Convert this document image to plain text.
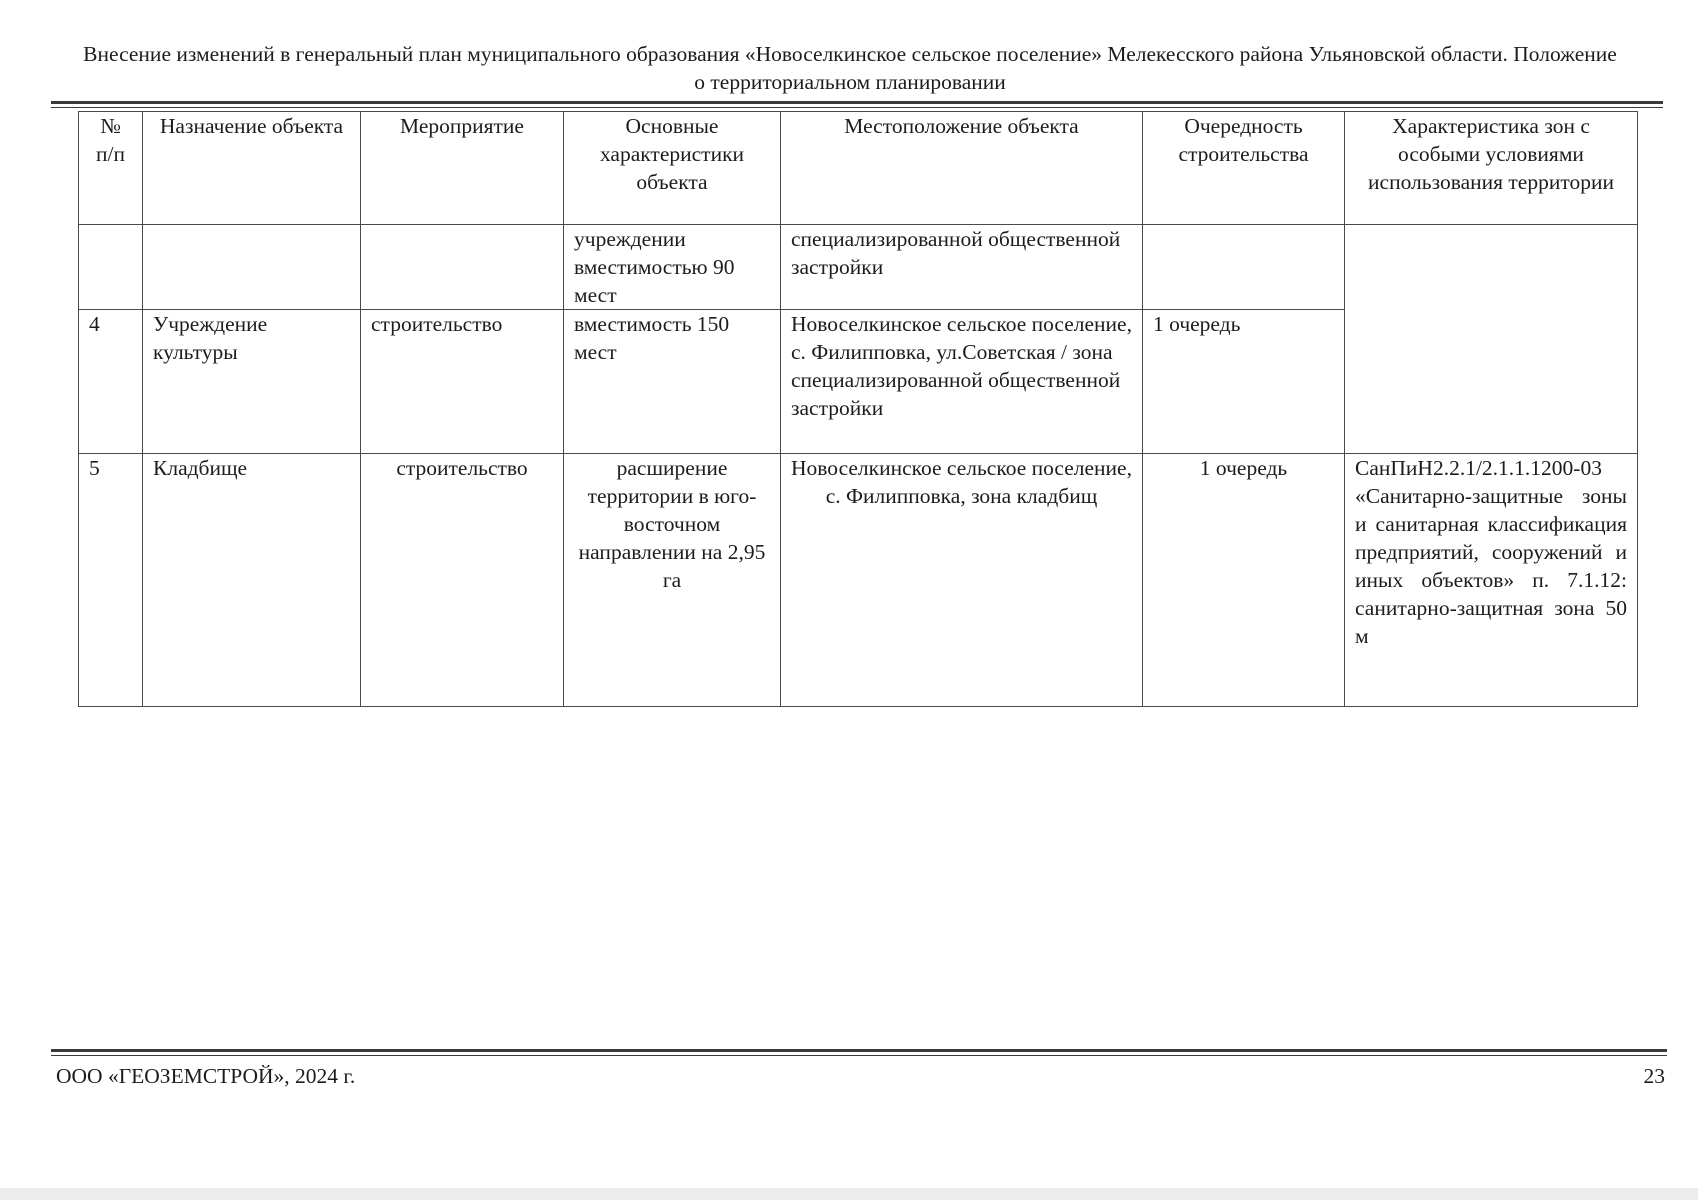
Внесение изменений в генеральный план муниципального образования «Новоселкинское сельское поселение» Мелекесского района Ульяновской области. Положение о территориальном планировании
№ п/п	Назначение объекта	Мероприятие	Основные характеристики объекта	Местоположение объекта	Очередность строительства	Характеристика зон с особыми условиями использования территории
			учреждении вместимостью 90 мест	специализированной общественной застройки		
4	Учреждение культуры	строительство	вместимость 150 мест	Новоселкинское сельское поселение, с. Филипповка, ул.Советская / зона специализированной общественной застройки	1 очередь	
5	Кладбище	строительство	расширение территории в юго-восточном направлении на 2,95 га	Новоселкинское сельское поселение, с. Филипповка, зона кладбищ	1 очередь	СанПиН2.2.1/2.1.1.1200-03 «Санитарно-защитные зоны и санитарная классификация предприятий, сооружений и иных объектов» п. 7.1.12: санитарно-защитная зона 50 м
ООО «ГЕОЗЕМСТРОЙ», 2024 г.	23
